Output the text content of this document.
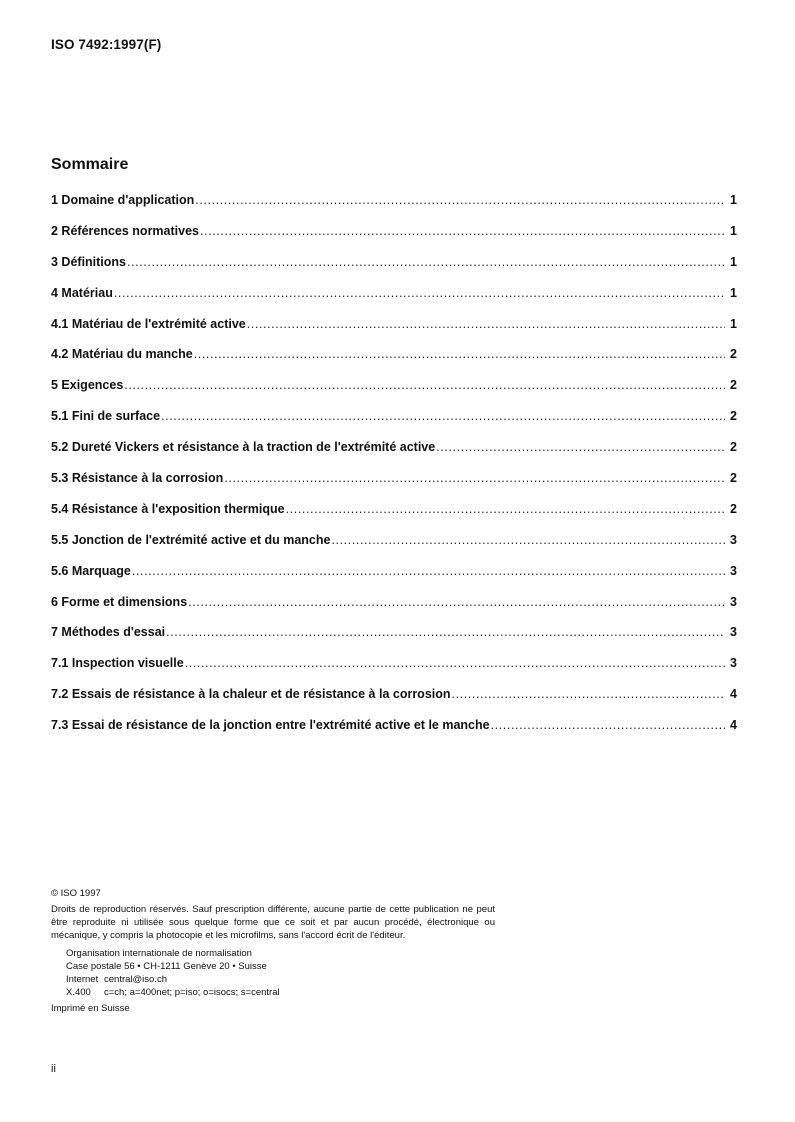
ISO 7492:1997(F)
Sommaire
1 Domaine d'application .....	1
2 Références normatives .....	1
3 Définitions .....	1
4 Matériau .....	1
4.1 Matériau de l'extrémité active .....	1
4.2 Matériau du manche .....	2
5 Exigences .....	2
5.1 Fini de surface .....	2
5.2 Dureté Vickers et résistance à la traction de l'extrémité active .....	2
5.3 Résistance à la corrosion .....	2
5.4 Résistance à l'exposition thermique .....	2
5.5 Jonction de l'extrémité active et du manche .....	3
5.6 Marquage .....	3
6 Forme et dimensions .....	3
7 Méthodes d'essai .....	3
7.1 Inspection visuelle .....	3
7.2 Essais de résistance à la chaleur et de résistance à la corrosion .....	4
7.3 Essai de résistance de la jonction entre l'extrémité active et le manche .....	4
© ISO 1997

Droits de reproduction réservés. Sauf prescription différente, aucune partie de cette publication ne peut être reproduite ni utilisée sous quelque forme que ce soit et par aucun procédé, électronique ou mécanique, y compris la photocopie et les microfilms, sans l'accord écrit de l'éditeur.

Organisation internationale de normalisation
Case postale 56 • CH-1211 Genève 20 • Suisse
Internet central@iso.ch
X.400	c=ch; a=400net; p=iso; o=isocs; s=central
Imprimé en Suisse
ii
